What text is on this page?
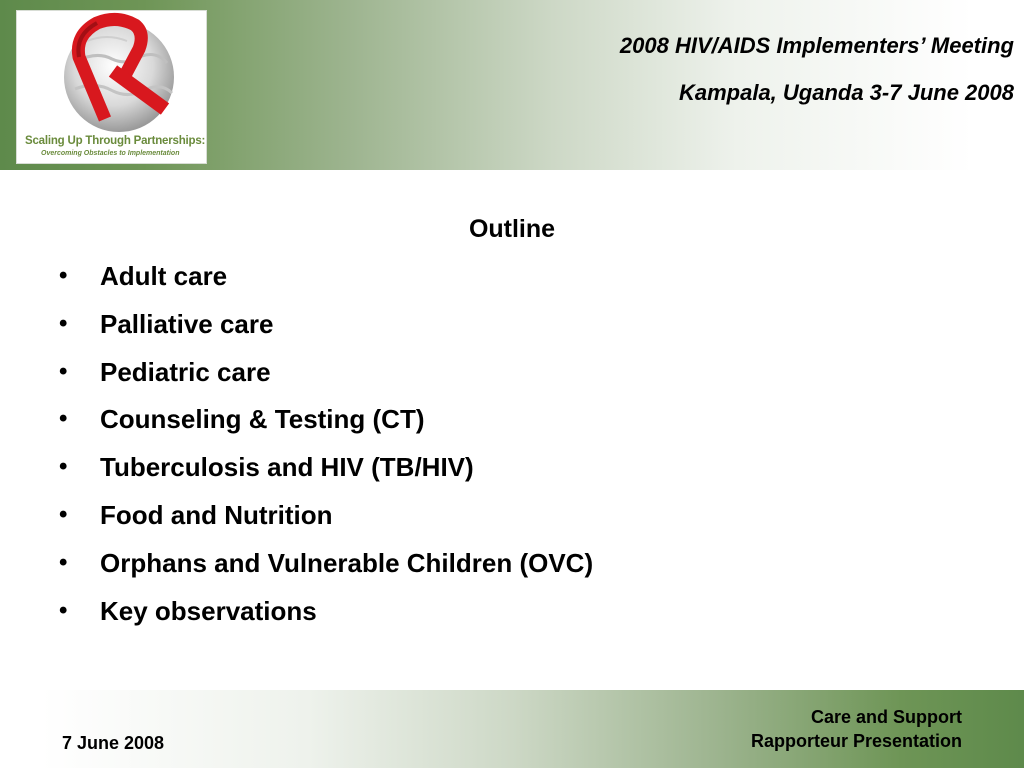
Scaling Up Through Partnerships:
Overcoming Obstacles to Implementation
2008 HIV/AIDS Implementers’ Meeting
Kampala, Uganda 3-7 June 2008
Outline
• Adult care
• Palliative care
• Pediatric care
• Counseling & Testing (CT)
• Tuberculosis and HIV (TB/HIV)
• Food and Nutrition
• Orphans and Vulnerable Children (OVC)
• Key observations
7 June 2008
Care and Support
Rapporteur Presentation
